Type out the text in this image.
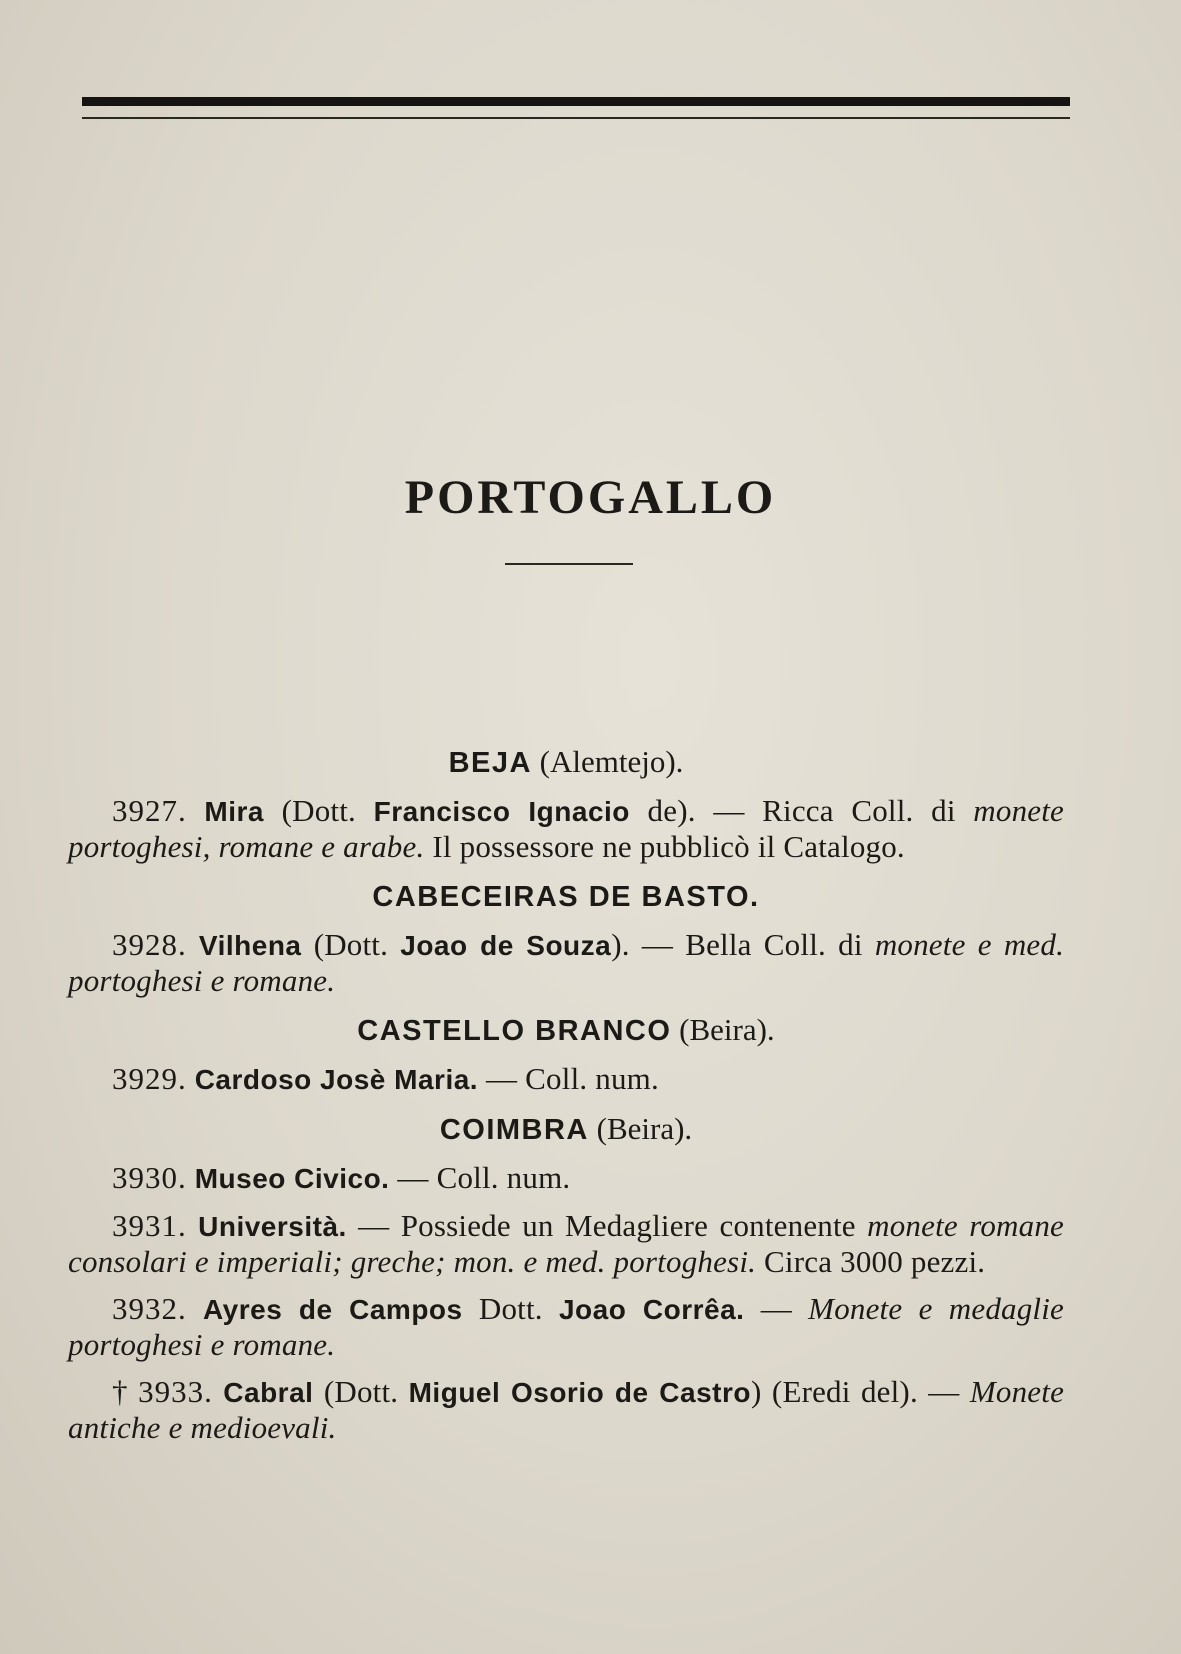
PORTOGALLO
BEJA (Alemtejo).

3927. Mira (Dott. Francisco Ignacio de). — Ricca Coll. di monete portoghesi, romane e arabe. Il possessore ne pubblicò il Catalogo.

CABECEIRAS DE BASTO.

3928. Vilhena (Dott. Joao de Souza). — Bella Coll. di monete e med. portoghesi e romane.

CASTELLO BRANCO (Beira).

3929. Cardoso Josè Maria. — Coll. num.

COIMBRA (Beira).

3930. Museo Civico. — Coll. num.

3931. Università. — Possiede un Medagliere contenente monete romane consolari e imperiali; greche; mon. e med. portoghesi. Circa 3000 pezzi.

3932. Ayres de Campos Dott. Joao Corrêa. — Monete e medaglie portoghesi e romane.

† 3933. Cabral (Dott. Miguel Osorio de Castro) (Eredi del). — Monete antiche e medioevali.
